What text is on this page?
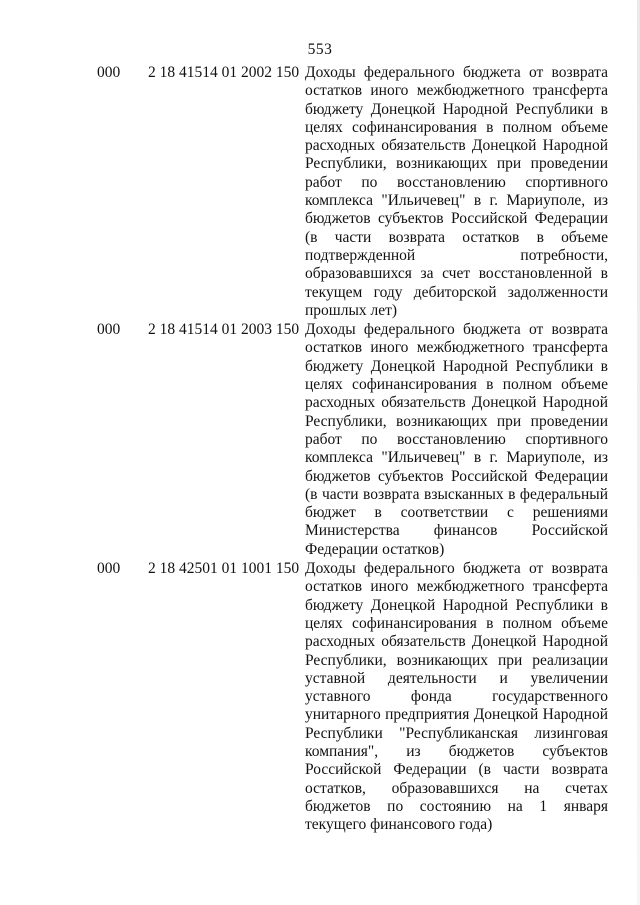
553
000 2 18 41514 01 2002 150 Доходы федерального бюджета от возврата остатков иного межбюджетного трансферта бюджету Донецкой Народной Республики в целях софинансирования в полном объеме расходных обязательств Донецкой Народной Республики, возникающих при проведении работ по восстановлению спортивного комплекса "Ильичевец" в г. Мариуполе, из бюджетов субъектов Российской Федерации (в части возврата остатков в объеме подтвержденной потребности, образовавшихся за счет восстановленной в текущем году дебиторской задолженности прошлых лет)
000 2 18 41514 01 2003 150 Доходы федерального бюджета от возврата остатков иного межбюджетного трансферта бюджету Донецкой Народной Республики в целях софинансирования в полном объеме расходных обязательств Донецкой Народной Республики, возникающих при проведении работ по восстановлению спортивного комплекса "Ильичевец" в г. Мариуполе, из бюджетов субъектов Российской Федерации (в части возврата взысканных в федеральный бюджет в соответствии с решениями Министерства финансов Российской Федерации остатков)
000 2 18 42501 01 1001 150 Доходы федерального бюджета от возврата остатков иного межбюджетного трансферта бюджету Донецкой Народной Республики в целях софинансирования в полном объеме расходных обязательств Донецкой Народной Республики, возникающих при реализации уставной деятельности и увеличении уставного фонда государственного унитарного предприятия Донецкой Народной Республики "Республиканская лизинговая компания", из бюджетов субъектов Российской Федерации (в части возврата остатков, образовавшихся на счетах бюджетов по состоянию на 1 января текущего финансового года)
